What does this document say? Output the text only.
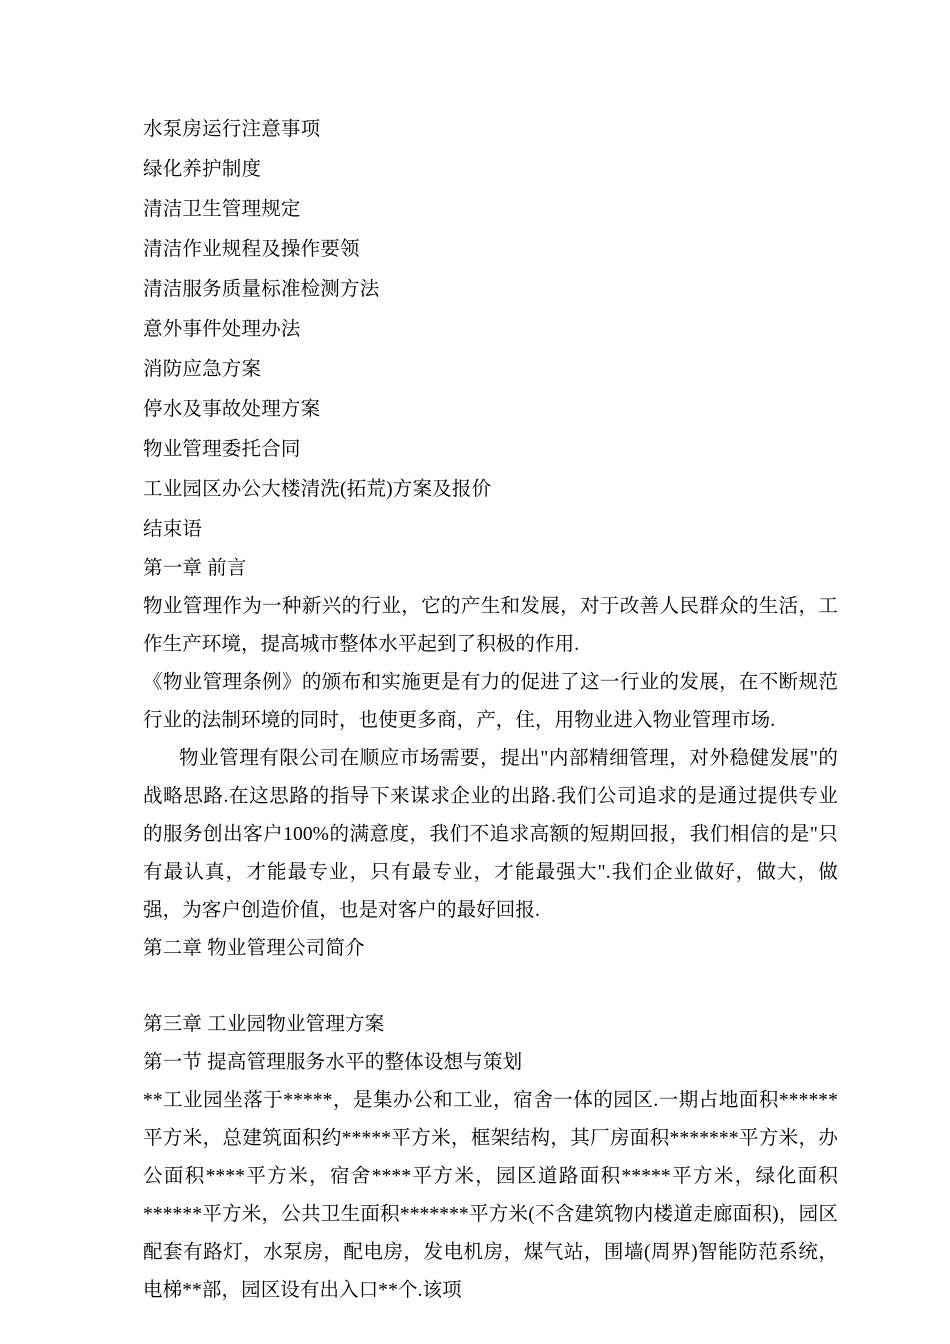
水泵房运行注意事项
绿化养护制度
清洁卫生管理规定
清洁作业规程及操作要领
清洁服务质量标准检测方法
意外事件处理办法
消防应急方案
停水及事故处理方案
物业管理委托合同
工业园区办公大楼清洗(拓荒)方案及报价
结束语
第一章 前言

物业管理作为一种新兴的行业，它的产生和发展，对于改善人民群众的生活，工作生产环境，提高城市整体水平起到了积极的作用.

《物业管理条例》的颁布和实施更是有力的促进了这一行业的发展，在不断规范行业的法制环境的同时，也使更多商，产，住，用物业进入物业管理市场.

物业管理有限公司在顺应市场需要，提出"内部精细管理，对外稳健发展"的战略思路.在这思路的指导下来谋求企业的出路.我们公司追求的是通过提供专业的服务创出客户100%的满意度，我们不追求高额的短期回报，我们相信的是"只有最认真，才能最专业，只有最专业，才能最强大".我们企业做好，做大，做强，为客户创造价值，也是对客户的最好回报.

第二章 物业管理公司简介
第三章 工业园物业管理方案
第一节 提高管理服务水平的整体设想与策划

**工业园坐落于*****，是集办公和工业，宿舍一体的园区.一期占地面积******平方米，总建筑面积约*****平方米，框架结构，其厂房面积*******平方米，办公面积****平方米，宿舍****平方米，园区道路面积*****平方米，绿化面积******平方米，公共卫生面积*******平方米(不含建筑物内楼道走廊面积)，园区配套有路灯，水泵房，配电房，发电机房，煤气站，围墙(周界)智能防范系统，电梯**部，园区设有出入口**个.该项
